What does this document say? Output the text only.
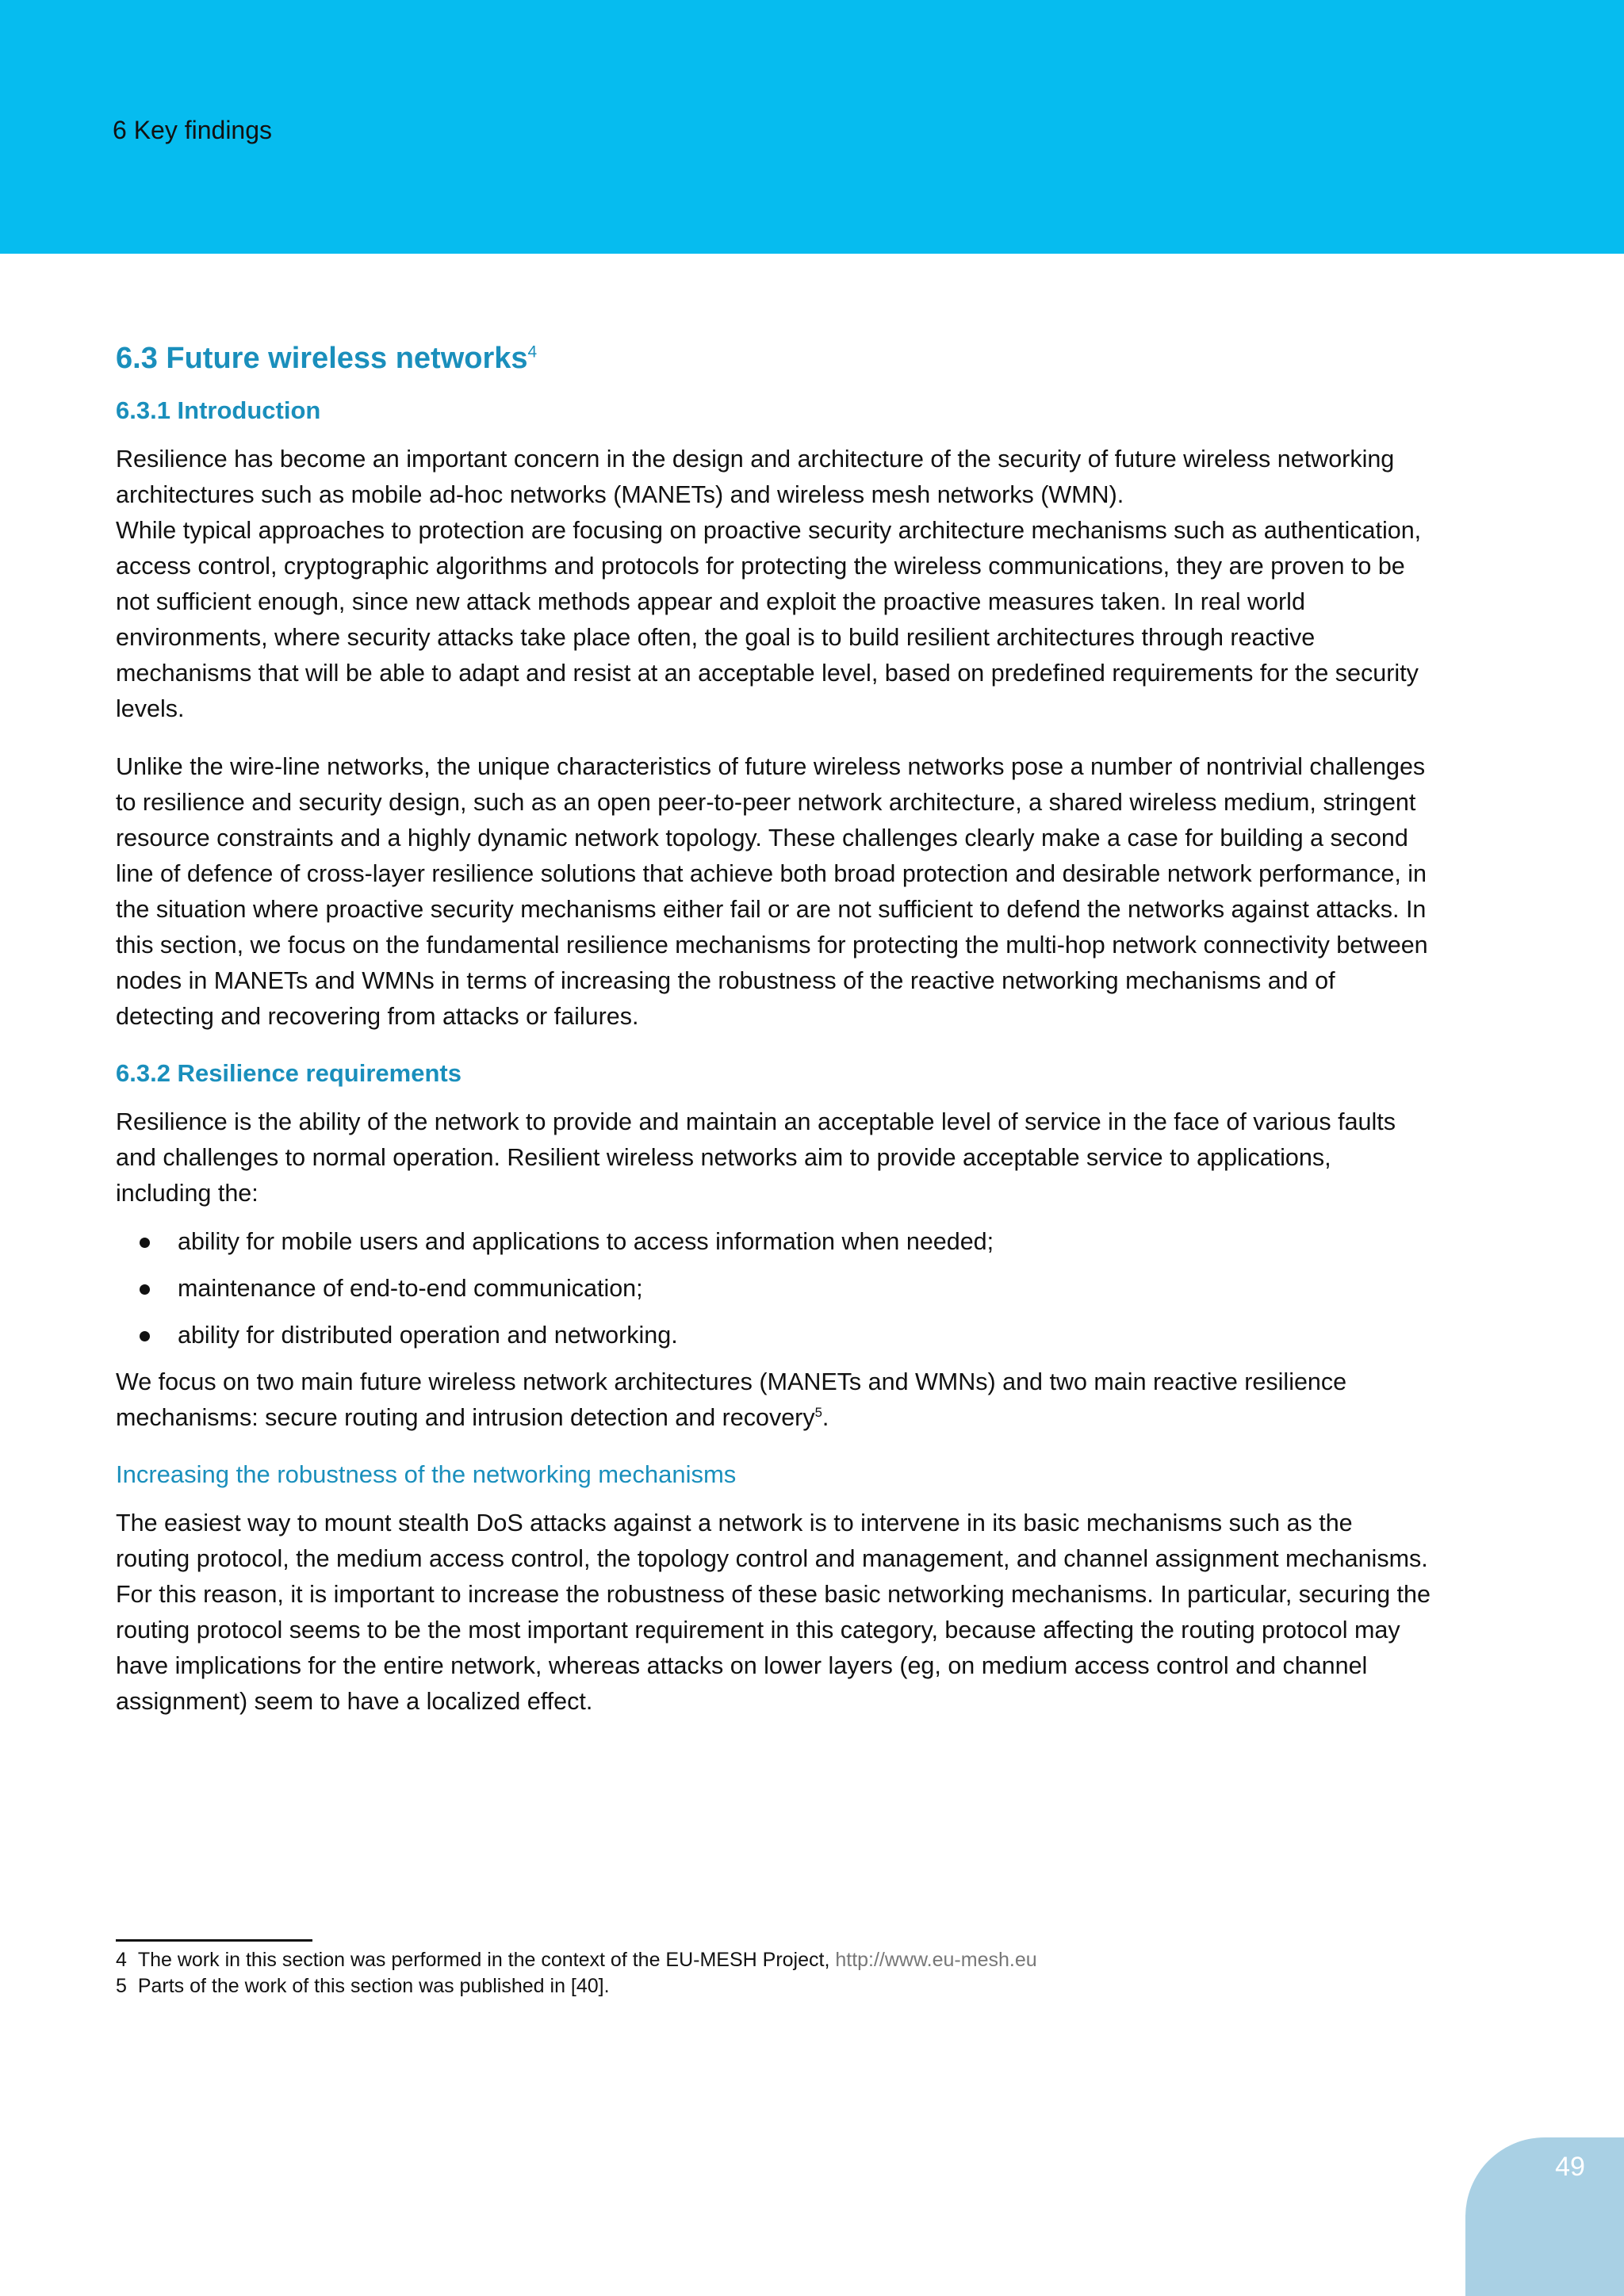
6 Key findings
6.3 Future wireless networks$^4$
6.3.1 Introduction

Resilience has become an important concern in the design and architecture of the security of future wireless networking architectures such as mobile ad-hoc networks (MANETs) and wireless mesh networks (WMN).

While typical approaches to protection are focusing on proactive security architecture mechanisms such as authentication, access control, cryptographic algorithms and protocols for protecting the wireless communications, they are proven to be not sufficient enough, since new attack methods appear and exploit the proactive measures taken. In real world environments, where security attacks take place often, the goal is to build resilient architectures through reactive mechanisms that will be able to adapt and resist at an acceptable level, based on predefined requirements for the security levels.

Unlike the wire-line networks, the unique characteristics of future wireless networks pose a number of nontrivial challenges to resilience and security design, such as an open peer-to-peer network architecture, a shared wireless medium, stringent resource constraints and a highly dynamic network topology. These challenges clearly make a case for building a second line of defence of cross-layer resilience solutions that achieve both broad protection and desirable network performance, in the situation where proactive security mechanisms either fail or are not sufficient to defend the networks against attacks. In this section, we focus on the fundamental resilience mechanisms for protecting the multi-hop network connectivity between nodes in MANETs and WMNs in terms of increasing the robustness of the reactive networking mechanisms and of detecting and recovering from attacks or failures.

6.3.2 Resilience requirements

Resilience is the ability of the network to provide and maintain an acceptable level of service in the face of various faults and challenges to normal operation. Resilient wireless networks aim to provide acceptable service to applications, including the:

ability for mobile users and applications to access information when needed;
maintenance of end-to-end communication;
ability for distributed operation and networking.

We focus on two main future wireless network architectures (MANETs and WMNs) and two main reactive resilience mechanisms: secure routing and intrusion detection and recovery$^5$.

Increasing the robustness of the networking mechanisms

The easiest way to mount stealth DoS attacks against a network is to intervene in its basic mechanisms such as the routing protocol, the medium access control, the topology control and management, and channel assignment mechanisms. For this reason, it is important to increase the robustness of these basic networking mechanisms. In particular, securing the routing protocol seems to be the most important requirement in this category, because affecting the routing protocol may have implications for the entire network, whereas attacks on lower layers (eg, on medium access control and channel assignment) seem to have a localized effect.

4 The work in this section was performed in the context of the EU-MESH Project, http://www.eu-mesh.eu
5 Parts of the work of this section was published in [40].
49
